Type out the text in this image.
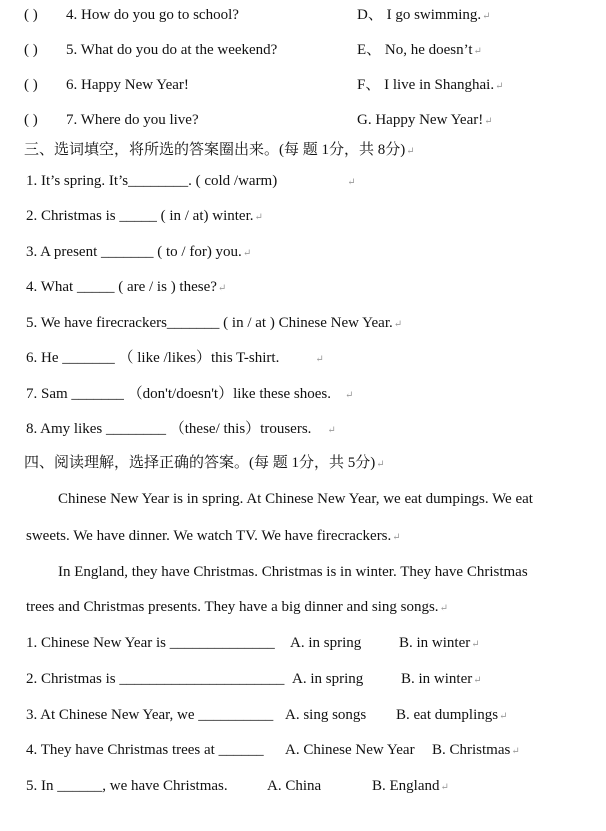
( ) 4. How do you go to school?	D、 I go swimming.↵
( ) 5. What do you do at the weekend?	E、 No, he doesn’t↵
( ) 6. Happy New Year!	F、 I live in Shanghai.↵
( ) 7. Where do you live?	G. Happy New Year!↵
三、选词填空，将所选的答案圈出来。(每 题 1分，共 8分)↵
1. It’s spring. It’s________. ( cold /warm)	↵
2. Christmas is _____ ( in / at) winter.↵
3. A present _______ ( to / for) you.↵
4. What _____ ( are / is ) these?↵
5. We have firecrackers_______ ( in / at ) Chinese New Year.↵
6. He _______ （ like /likes）this T-shirt.	↵
7. Sam _______ （don't/doesn't）like these shoes. ↵
8. Amy likes ________ （these/ this）trousers. ↵
四、阅读理解，选择正确的答案。(每 题 1分，共 5分)↵
Chinese New Year is in spring. At Chinese New Year, we eat dumpings. We eat
sweets. We have dinner. We watch TV. We have firecrackers.↵
In England, they have Christmas. Christmas is in winter. They have Christmas
trees and Christmas presents. They have a big dinner and sing songs.↵
1. Chinese New Year is ______________ A. in spring	B. in winter↵
2. Christmas is ______________________ A. in spring	B. in winter↵
3. At Chinese New Year, we __________ A. sing songs B. eat dumplings↵
4. They have Christmas trees at ______ A. Chinese New Year B. Christmas↵
5. In ______, we have Christmas.	A. China	B. England↵
